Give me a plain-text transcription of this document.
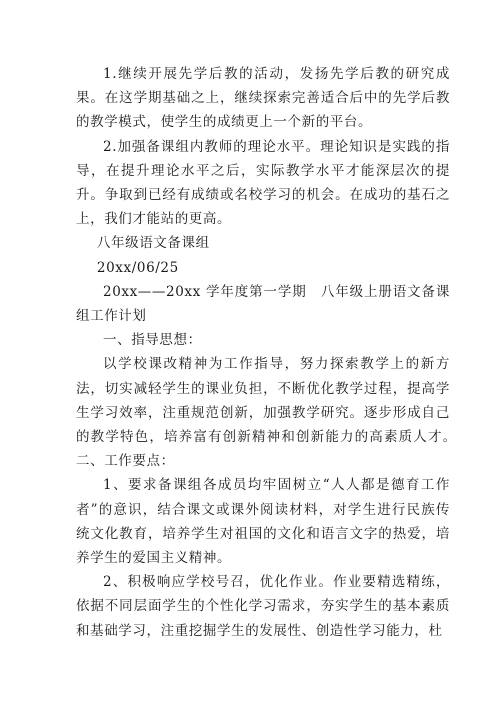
1.继续开展先学后教的活动，发扬先学后教的研究成果。在这学期基础之上，继续探索完善适合后中的先学后教的教学模式，使学生的成绩更上一个新的平台。

2.加强备课组内教师的理论水平。理论知识是实践的指导，在提升理论水平之后，实际教学水平才能深层次的提升。争取到已经有成绩或名校学习的机会。在成功的基石之上，我们才能站的更高。

八年级语文备课组

20xx/06/25

20xx——20xx 学年度第一学期　八年级上册语文备课组工作计划

一、指导思想：

以学校课改精神为工作指导，努力探索教学上的新方法，切实减轻学生的课业负担，不断优化教学过程，提高学生学习效率，注重规范创新，加强教学研究。逐步形成自己的教学特色，培养富有创新精神和创新能力的高素质人才。　二、工作要点：

1、要求备课组各成员均牢固树立“人人都是德育工作者”的意识，结合课文或课外阅读材料，对学生进行民族传统文化教育，培养学生对祖国的文化和语言文字的热爱，培养学生的爱国主义精神。

2、积极响应学校号召，优化作业。作业要精选精练，依据不同层面学生的个性化学习需求，夯实学生的基本素质和基础学习，注重挖掘学生的发展性、创造性学习能力，杜
